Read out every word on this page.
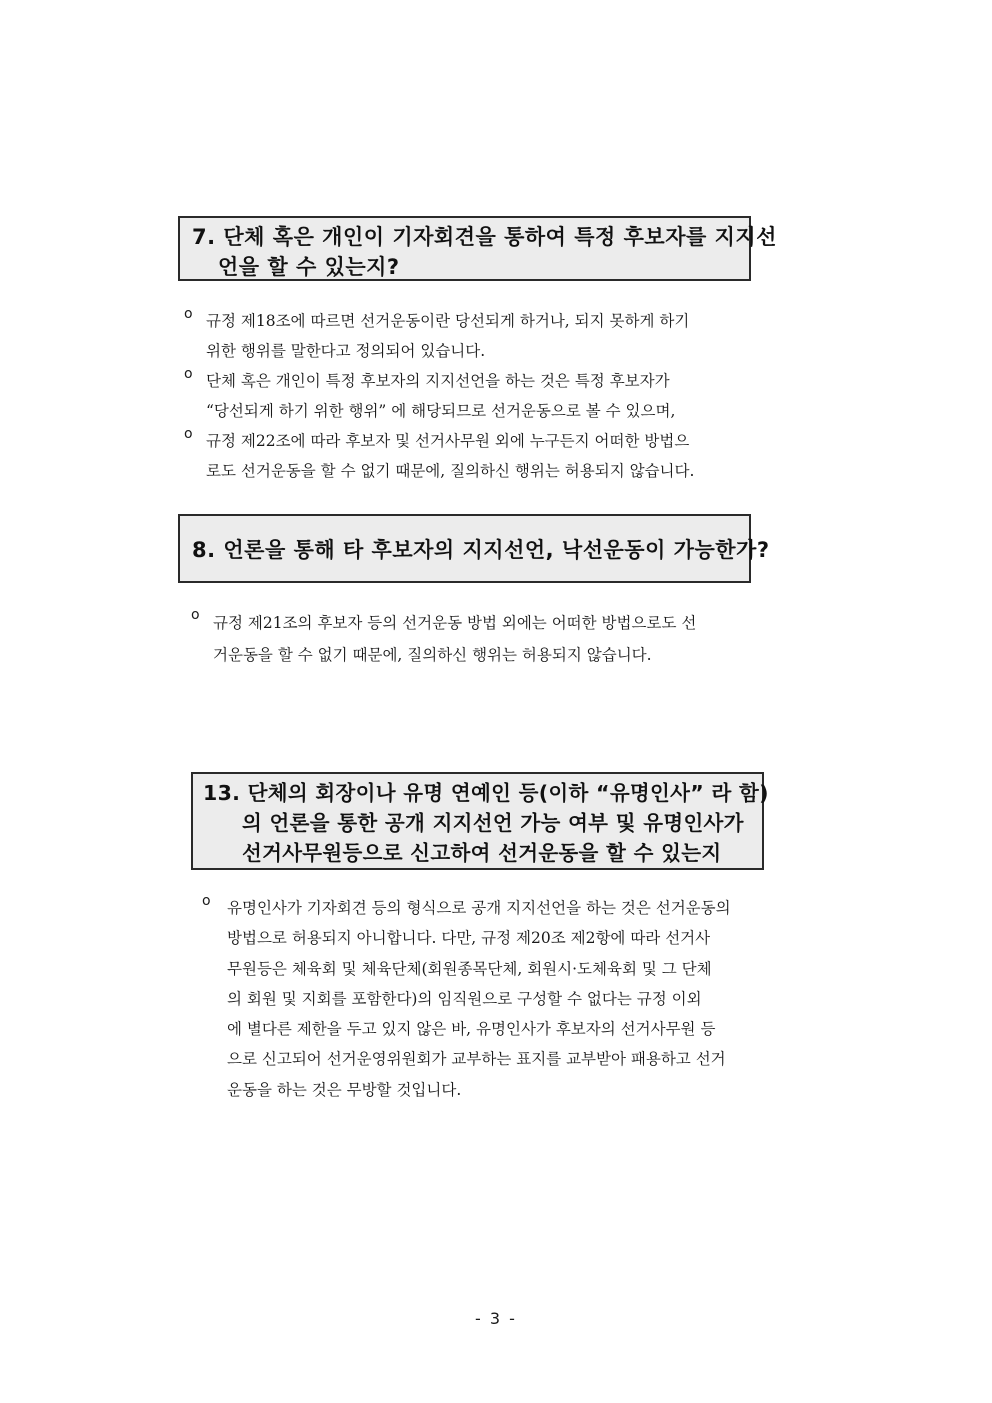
7. 단체 혹은 개인이 기자회견을 통하여 특정 후보자를 지지선
언을 할 수 있는지?
o 규정 제18조에 따르면 선거운동이란 당선되게 하거나, 되지 못하게 하기
위한 행위를 말한다고 정의되어 있습니다.
o 단체 혹은 개인이 특정 후보자의 지지선언을 하는 것은 특정 후보자가
“당선되게 하기 위한 행위” 에 해당되므로 선거운동으로 볼 수 있으며,
o 규정 제22조에 따라 후보자 및 선거사무원 외에 누구든지 어떠한 방법으
로도 선거운동을 할 수 없기 때문에, 질의하신 행위는 허용되지 않습니다.
8. 언론을 통해 타 후보자의 지지선언, 낙선운동이 가능한가?
o 규정 제21조의 후보자 등의 선거운동 방법 외에는 어떠한 방법으로도 선
거운동을 할 수 없기 때문에, 질의하신 행위는 허용되지 않습니다.
13. 단체의 회장이나 유명 연예인 등(이하 “유명인사” 라 함)
의 언론을 통한 공개 지지선언 가능 여부 및 유명인사가
선거사무원등으로 신고하여 선거운동을 할 수 있는지
o	유명인사가 기자회견 등의 형식으로 공개 지지선언을 하는 것은 선거운동의
방법으로 허용되지 아니합니다. 다만, 규정 제20조 제2항에 따라 선거사
무원등은 체육회 및 체육단체(회원종목단체, 회원시·도체육회 및 그 단체
의 회원 및 지회를 포함한다)의 임직원으로 구성할 수 없다는 규정 이외
에 별다른 제한을 두고 있지 않은 바, 유명인사가 후보자의 선거사무원 등
으로 신고되어 선거운영위원회가 교부하는 표지를 교부받아 패용하고 선거
운동을 하는 것은 무방할 것입니다.
- 3 -
